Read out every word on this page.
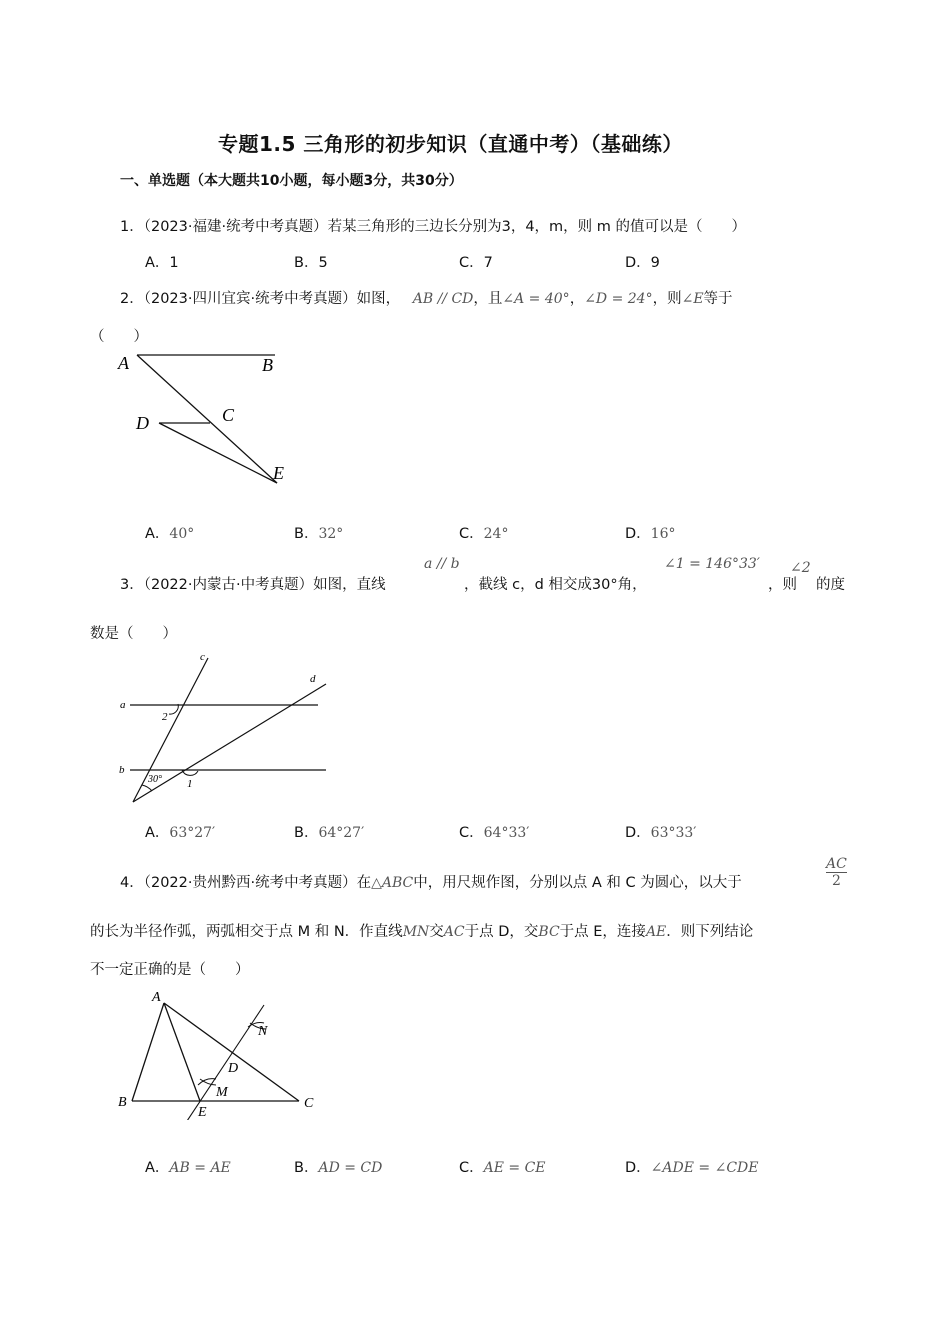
专题1.5 三角形的初步知识（直通中考）（基础练）
一、单选题（本大题共10小题，每小题3分，共30分）
1．（2023·福建·统考中考真题）若某三角形的三边长分别为3，4，m，则 m 的值可以是（　　）
A．1	B．5	C．7	D．9
2．（2023·四川宜宾·统考中考真题）如图， AB // CD，且∠A = 40°，∠D = 24°，则∠E等于
（　　）
A	B
C
D
E
A．40°	B．32°	C．24°	D．16°
3．（2022·内蒙古·中考真题）如图，直线
a // b
，截线 c，d 相交成30°角，
∠1 = 146°33′
，则
∠2
的度
数是（　　）
c
d
a
b
2
1
30°
A．63°27′	B．64°27′	C．64°33′	D．63°33′
4．（2022·贵州黔西·统考中考真题）在△ABC中，用尺规作图，分别以点 A 和 C 为圆心，以大于	$\frac{AC}{2}$
的长为半径作弧，两弧相交于点 M 和 N．作直线MN交AC于点 D，交BC于点 E，连接AE．则下列结论
不一定正确的是（　　）
A
B	C
D
E
M
N
A．AB = AE	B．AD = CD	C．AE = CE	D．∠ADE = ∠CDE
